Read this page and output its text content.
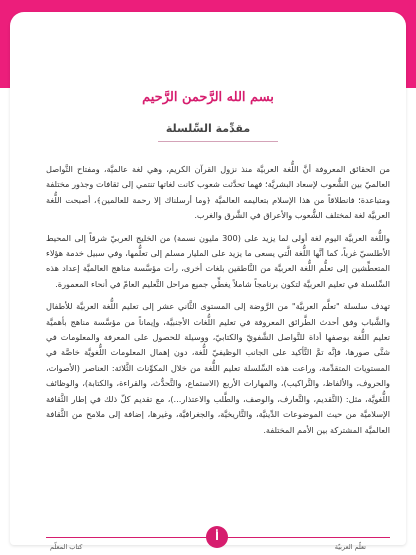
بسم الله الرَّحمن الرَّحيم
مقدِّمة السِّلسلة

من الحقائق المعروفة أنَّ اللُّغة العربيَّة منذ نزول القرآن الكريم، وهي لغة عالميَّة، ومفتاح التَّواصل العالميّ بين الشُّعوب لإسعاد البشريَّة؛ فهما تحدَّثت شعوب كانت لغاتها تنتمي إلى ثقافات وجذور مختلفة ومتباعدة؛ فانطلاقاً من هذا الإسلام بتعاليمه العالميَّة ﴿وما أرسلناك إلا رحمة للعالمين﴾، أصبحت اللُّغة العربيَّة لغة لمختلف الشُّعوب والأعراق في الشَّرق والغرب.

واللُّغة العربيَّة اليوم لغة أولى لما يزيد على (300 مليون نسمة) من الخليج العربيّ شرقاً إلى المحيط الأطلسيّ غرباً، كما أنَّها اللُّغة الَّتي يسعى ما يزيد على المليار مسلم إلى تعلُّمها، وفي سبيل خدمة هؤلاء المتعطِّشين إلى تعلُّم اللُّغة العربيَّة من النَّاطقين بلغات أخرى، رأت مؤسَّسة مناهج العالميَّة إعداد هذه السِّلسلة في تعليم العربيَّة لتكون برنامجاً شاملاً يغطِّي جميع مراحل التَّعليم العامّ في أنحاء المعمورة.

تهدف سلسلة "تعلَّم العربيَّة" من الرَّوضة إلى المستوى الثَّاني عشر إلى تعليم اللُّغة العربيَّة للأطفال والشَّباب وفق أحدث الطَّرائق المعروفة في تعليم اللُّغات الأجنبيَّة، وإيماناً من مؤسَّسة مناهج بأهميَّة تعليم اللُّغة بوصفها أداة للتَّواصل الشَّفويّ والكتابيّ، ووسيلة للحصول على المعرفة والمعلومات في شتَّى صورها، فإنَّه تمَّ التَّأكيد على الجانب الوظيفيّ للُّغة، دون إهمال المعلومات اللُّغويَّة خاصَّة في المستويات المتقدِّمة، وراعت هذه السِّلسلة تعليم اللُّغة من خلال المكوِّنات الثَّلاثة: العناصر (الأصوات، والحروف، والألفاظ، والتَّراكيب)، والمهارات الأربع (الاستماع، والتَّحدُّث، والقراءة، والكتابة)، والوظائف اللُّغويَّة، مثل: (التَّقديم، والتَّعارف، والوصف، والطَّلب والاعتذار...)، مع تقديم كلّ ذلك في إطار الثَّقافة الإسلاميَّة من حيث الموضوعات الدِّينيَّة، والتَّاريخيَّة، والجغرافيَّة، وغيرها، إضافة إلى ملامح من الثَّقافة العالميَّة المشتركة بين الأمم المختلفة.

أ
تعلّم العربيّة
كتاب المعلّم
